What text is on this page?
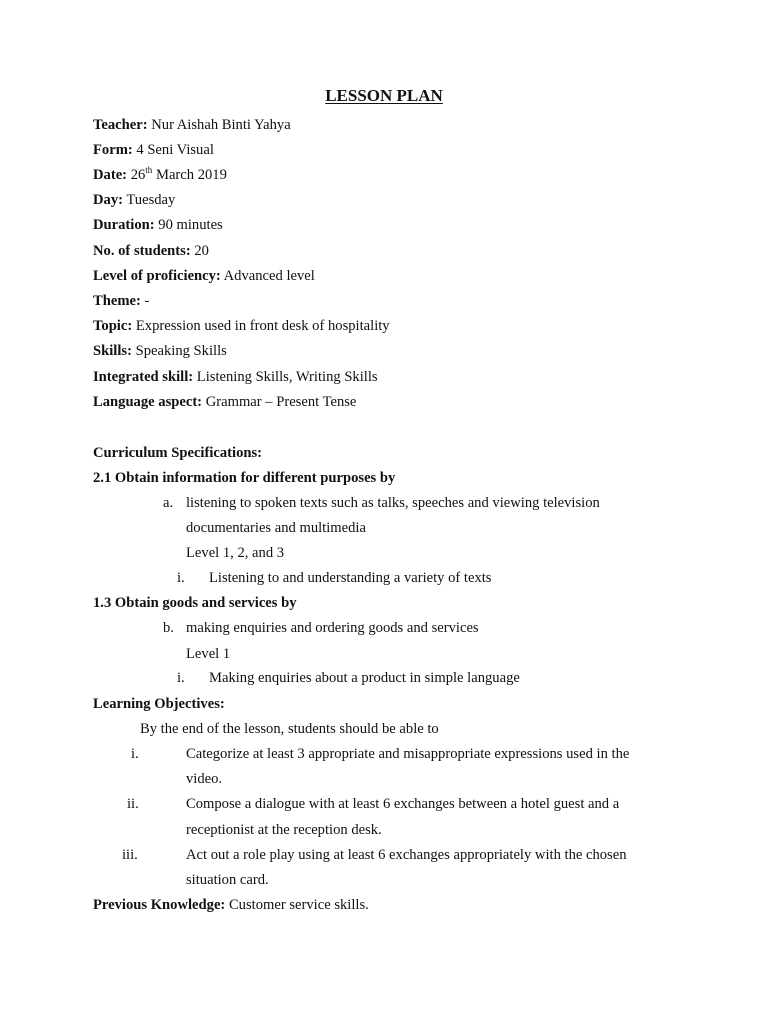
LESSON PLAN
Teacher: Nur Aishah Binti Yahya
Form: 4 Seni Visual
Date: 26th March 2019
Day: Tuesday
Duration: 90 minutes
No. of students: 20
Level of proficiency: Advanced level
Theme: -
Topic: Expression used in front desk of hospitality
Skills: Speaking Skills
Integrated skill: Listening Skills, Writing Skills
Language aspect: Grammar – Present Tense
Curriculum Specifications:
2.1 Obtain information for different purposes by
a. listening to spoken texts such as talks, speeches and viewing television
documentaries and multimedia
Level 1, 2, and 3
i. Listening to and understanding a variety of texts
1.3 Obtain goods and services by
b. making enquiries and ordering goods and services
Level 1
i. Making enquiries about a product in simple language
Learning Objectives:
By the end of the lesson, students should be able to
i.	Categorize at least 3 appropriate and misappropriate expressions used in the
video.
ii.	Compose a dialogue with at least 6 exchanges between a hotel guest and a
receptionist at the reception desk.
iii.	Act out a role play using at least 6 exchanges appropriately with the chosen
situation card.
Previous Knowledge: Customer service skills.
